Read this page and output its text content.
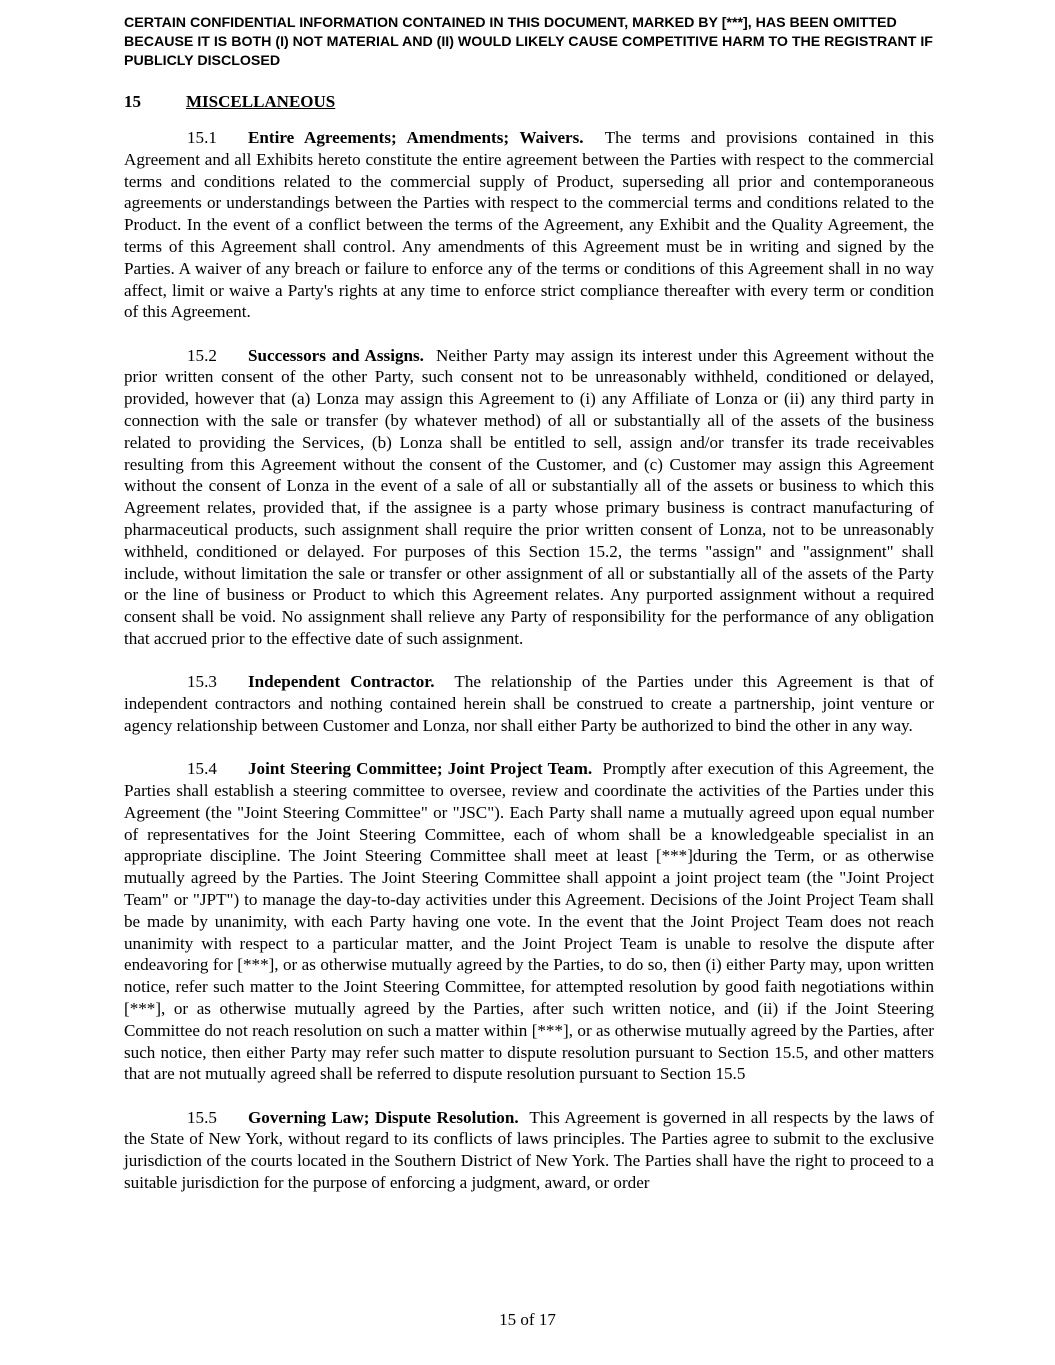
CERTAIN CONFIDENTIAL INFORMATION CONTAINED IN THIS DOCUMENT, MARKED BY [***], HAS BEEN OMITTED BECAUSE IT IS BOTH (I) NOT MATERIAL AND (II) WOULD LIKELY CAUSE COMPETITIVE HARM TO THE REGISTRANT IF PUBLICLY DISCLOSED

15	MISCELLANEOUS

15.1 Entire Agreements; Amendments; Waivers. The terms and provisions contained in this Agreement and all Exhibits hereto constitute the entire agreement between the Parties with respect to the commercial terms and conditions related to the commercial supply of Product, superseding all prior and contemporaneous agreements or understandings between the Parties with respect to the commercial terms and conditions related to the Product. In the event of a conflict between the terms of the Agreement, any Exhibit and the Quality Agreement, the terms of this Agreement shall control. Any amendments of this Agreement must be in writing and signed by the Parties. A waiver of any breach or failure to enforce any of the terms or conditions of this Agreement shall in no way affect, limit or waive a Party's rights at any time to enforce strict compliance thereafter with every term or condition of this Agreement.

15.2 Successors and Assigns. Neither Party may assign its interest under this Agreement without the prior written consent of the other Party, such consent not to be unreasonably withheld, conditioned or delayed, provided, however that (a) Lonza may assign this Agreement to (i) any Affiliate of Lonza or (ii) any third party in connection with the sale or transfer (by whatever method) of all or substantially all of the assets of the business related to providing the Services, (b) Lonza shall be entitled to sell, assign and/or transfer its trade receivables resulting from this Agreement without the consent of the Customer, and (c) Customer may assign this Agreement without the consent of Lonza in the event of a sale of all or substantially all of the assets or business to which this Agreement relates, provided that, if the assignee is a party whose primary business is contract manufacturing of pharmaceutical products, such assignment shall require the prior written consent of Lonza, not to be unreasonably withheld, conditioned or delayed. For purposes of this Section 15.2, the terms "assign" and "assignment" shall include, without limitation the sale or transfer or other assignment of all or substantially all of the assets of the Party or the line of business or Product to which this Agreement relates. Any purported assignment without a required consent shall be void. No assignment shall relieve any Party of responsibility for the performance of any obligation that accrued prior to the effective date of such assignment.

15.3 Independent Contractor. The relationship of the Parties under this Agreement is that of independent contractors and nothing contained herein shall be construed to create a partnership, joint venture or agency relationship between Customer and Lonza, nor shall either Party be authorized to bind the other in any way.

15.4 Joint Steering Committee; Joint Project Team. Promptly after execution of this Agreement, the Parties shall establish a steering committee to oversee, review and coordinate the activities of the Parties under this Agreement (the "Joint Steering Committee" or "JSC"). Each Party shall name a mutually agreed upon equal number of representatives for the Joint Steering Committee, each of whom shall be a knowledgeable specialist in an appropriate discipline. The Joint Steering Committee shall meet at least [***]during the Term, or as otherwise mutually agreed by the Parties. The Joint Steering Committee shall appoint a joint project team (the "Joint Project Team" or "JPT") to manage the day-to-day activities under this Agreement. Decisions of the Joint Project Team shall be made by unanimity, with each Party having one vote. In the event that the Joint Project Team does not reach unanimity with respect to a particular matter, and the Joint Project Team is unable to resolve the dispute after endeavoring for [***], or as otherwise mutually agreed by the Parties, to do so, then (i) either Party may, upon written notice, refer such matter to the Joint Steering Committee, for attempted resolution by good faith negotiations within [***], or as otherwise mutually agreed by the Parties, after such written notice, and (ii) if the Joint Steering Committee do not reach resolution on such a matter within [***], or as otherwise mutually agreed by the Parties, after such notice, then either Party may refer such matter to dispute resolution pursuant to Section 15.5, and other matters that are not mutually agreed shall be referred to dispute resolution pursuant to Section 15.5

15.5 Governing Law; Dispute Resolution. This Agreement is governed in all respects by the laws of the State of New York, without regard to its conflicts of laws principles. The Parties agree to submit to the exclusive jurisdiction of the courts located in the Southern District of New York. The Parties shall have the right to proceed to a suitable jurisdiction for the purpose of enforcing a judgment, award, or order

15 of 17
